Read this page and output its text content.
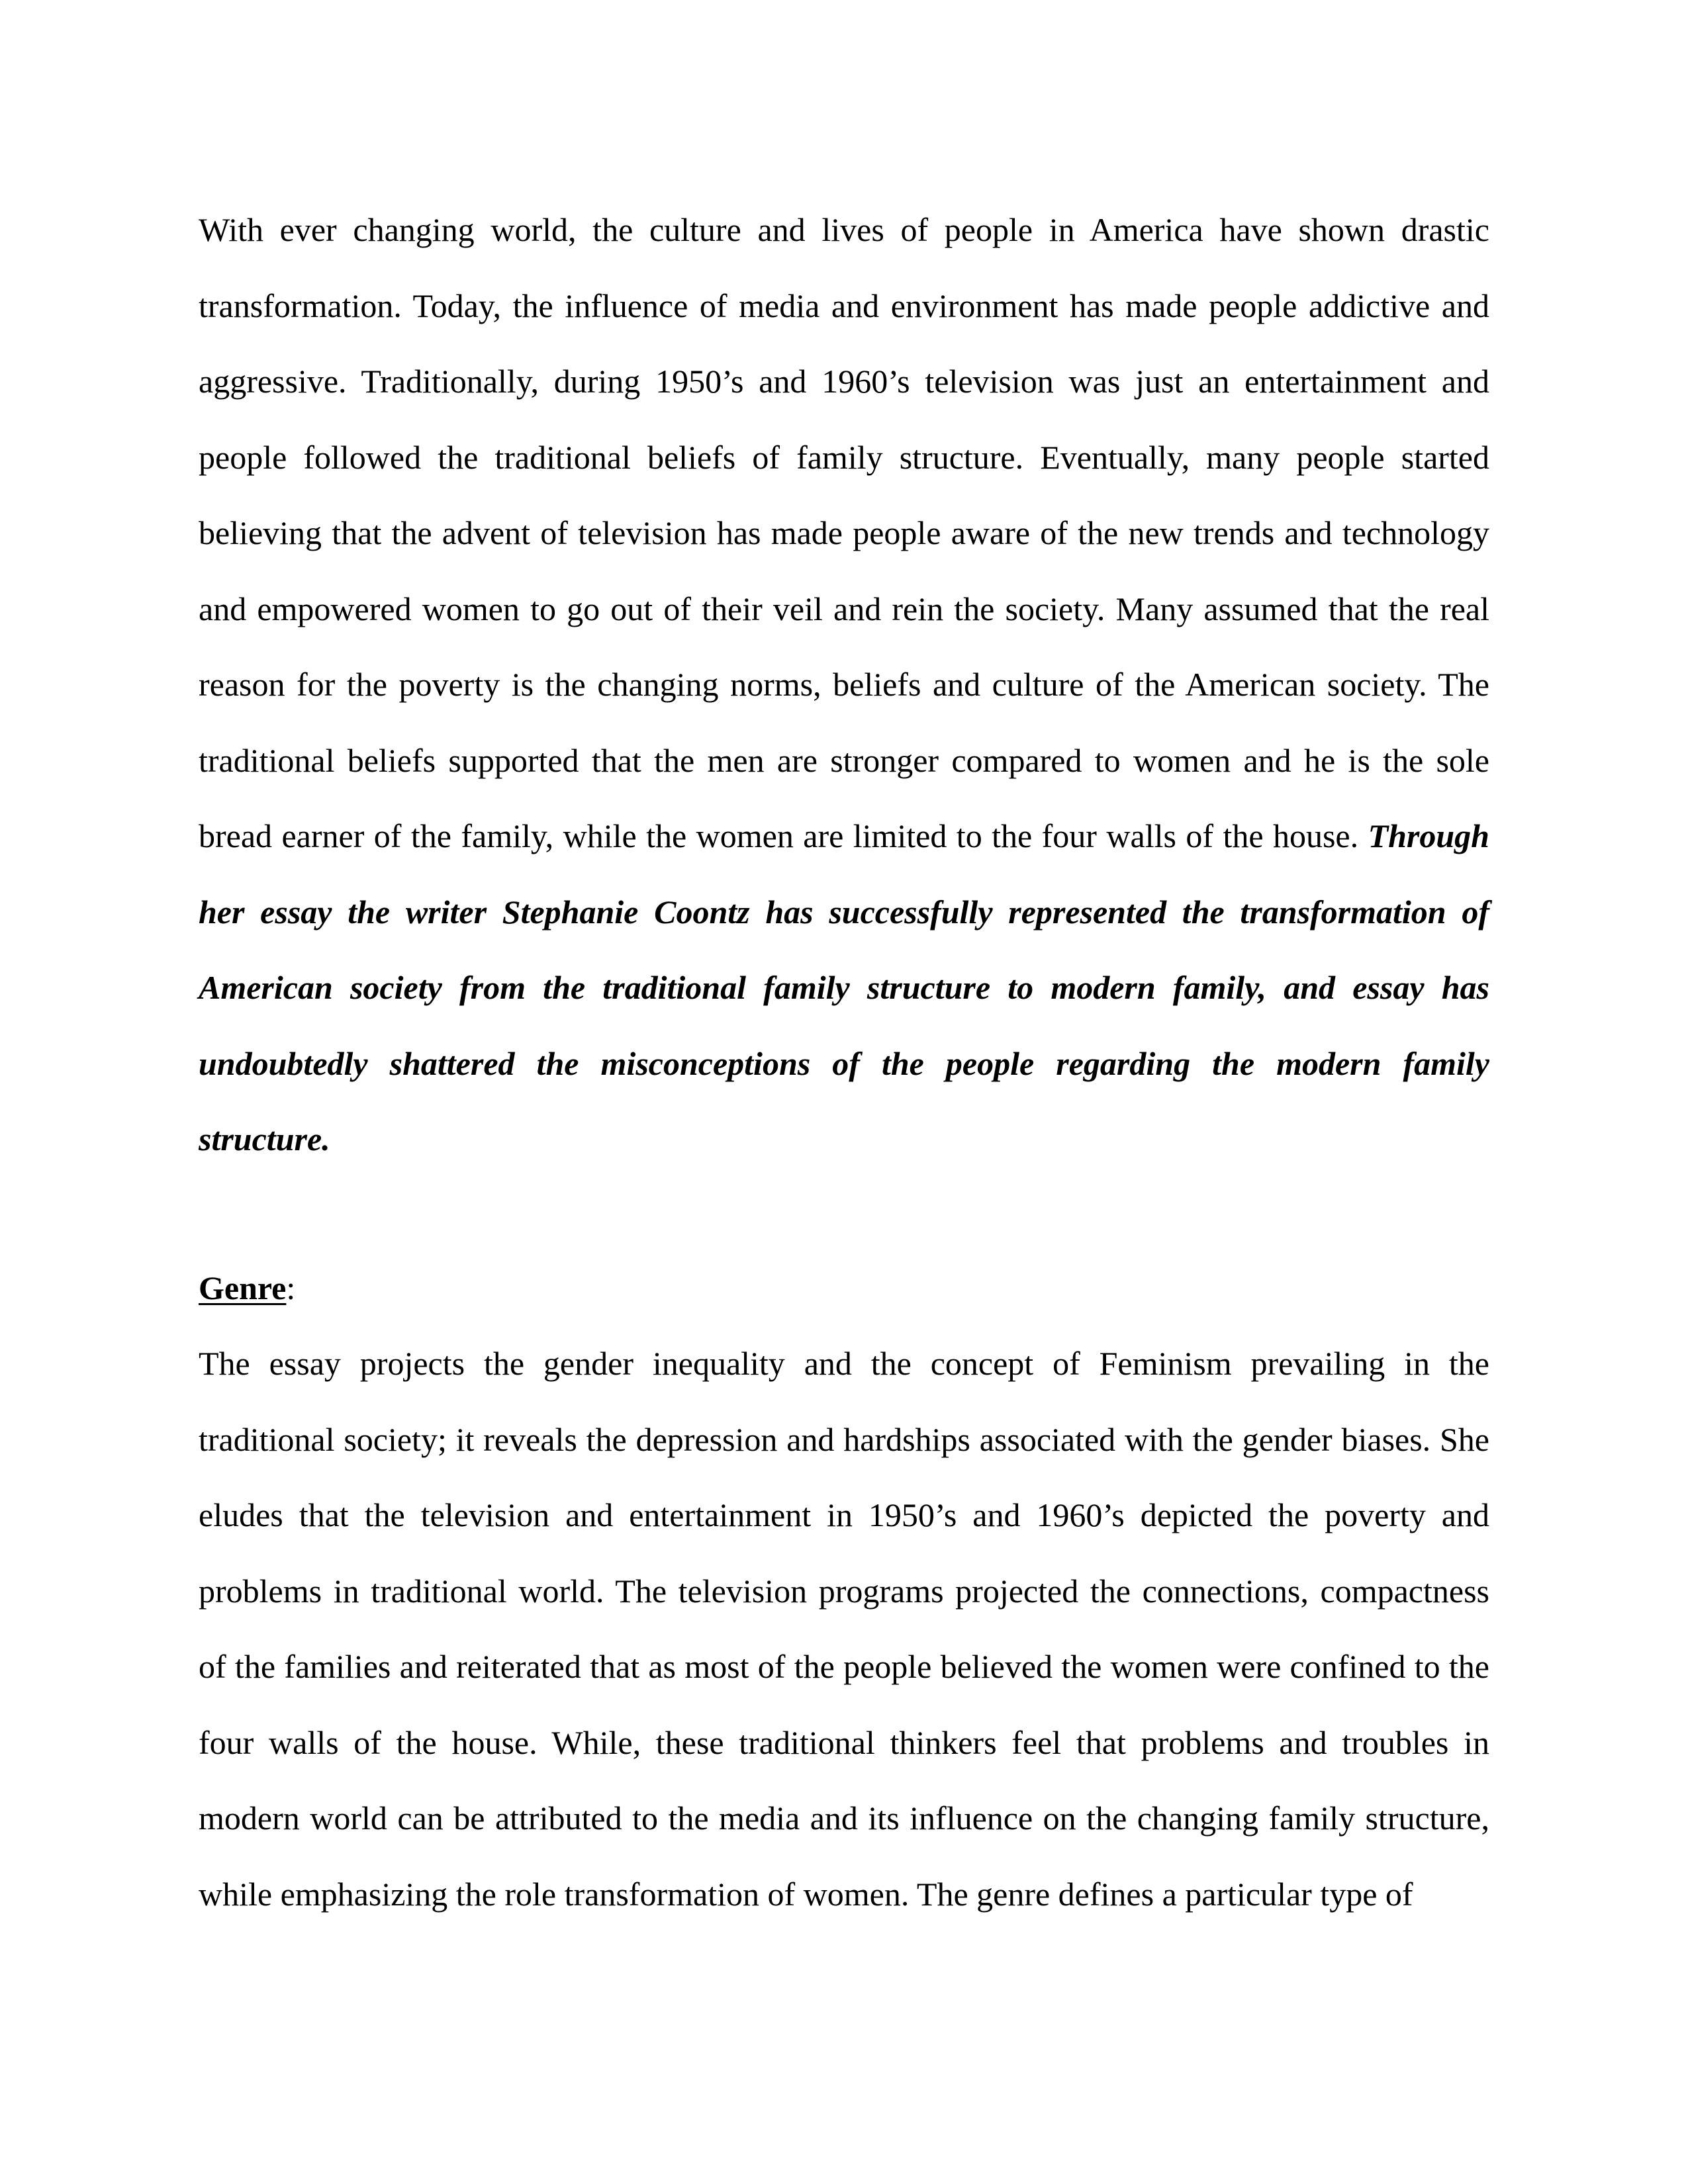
With ever changing world, the culture and lives of people in America have shown drastic transformation. Today, the influence of media and environment has made people addictive and aggressive. Traditionally, during 1950’s and 1960’s television was just an entertainment and people followed the traditional beliefs of family structure. Eventually, many people started believing that the advent of television has made people aware of the new trends and technology and empowered women to go out of their veil and rein the society. Many assumed that the real reason for the poverty is the changing norms, beliefs and culture of the American society. The traditional beliefs supported that the men are stronger compared to women and he is the sole bread earner of the family, while the women are limited to the four walls of the house. Through her essay the writer Stephanie Coontz has successfully represented the transformation of American society from the traditional family structure to modern family, and essay has undoubtedly shattered the misconceptions of the people regarding the modern family structure.

Genre:

The essay projects the gender inequality and the concept of Feminism prevailing in the traditional society; it reveals the depression and hardships associated with the gender biases. She eludes that the television and entertainment in 1950’s and 1960’s depicted the poverty and problems in traditional world. The television programs projected the connections, compactness of the families and reiterated that as most of the people believed the women were confined to the four walls of the house. While, these traditional thinkers feel that problems and troubles in modern world can be attributed to the media and its influence on the changing family structure, while emphasizing the role transformation of women. The genre defines a particular type of
